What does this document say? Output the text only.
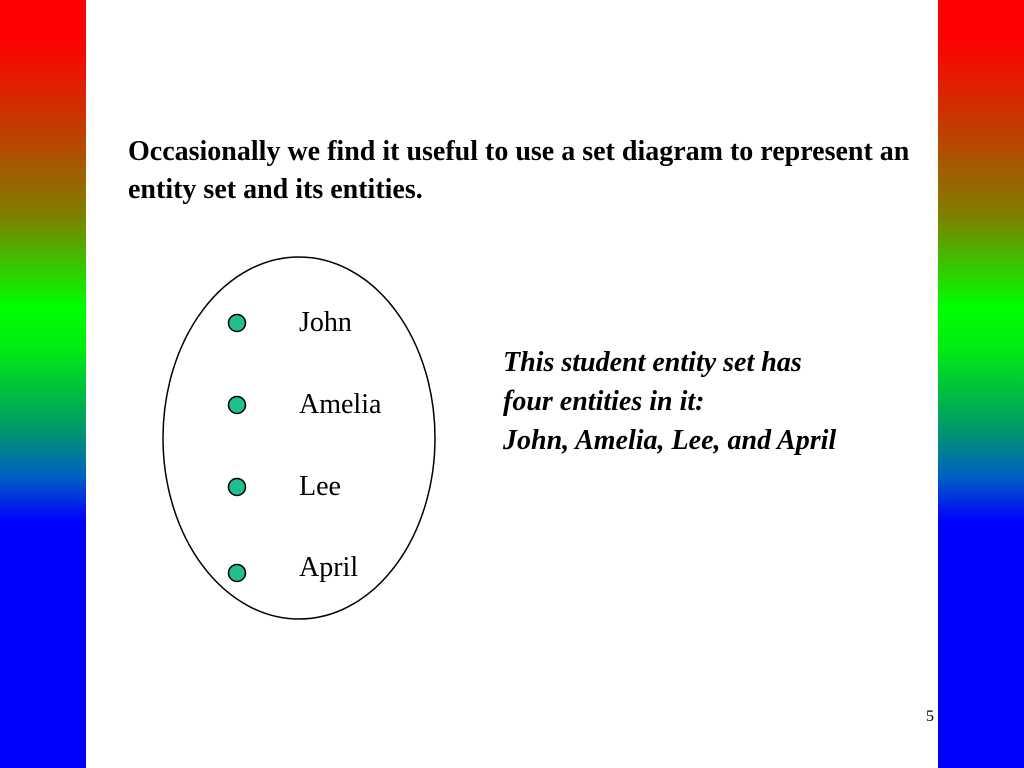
Occasionally we find it useful to use a set diagram to represent an entity set and its entities.
John
Amelia
Lee
April
This student entity set has
four entities in it:
John, Amelia, Lee, and April
5
